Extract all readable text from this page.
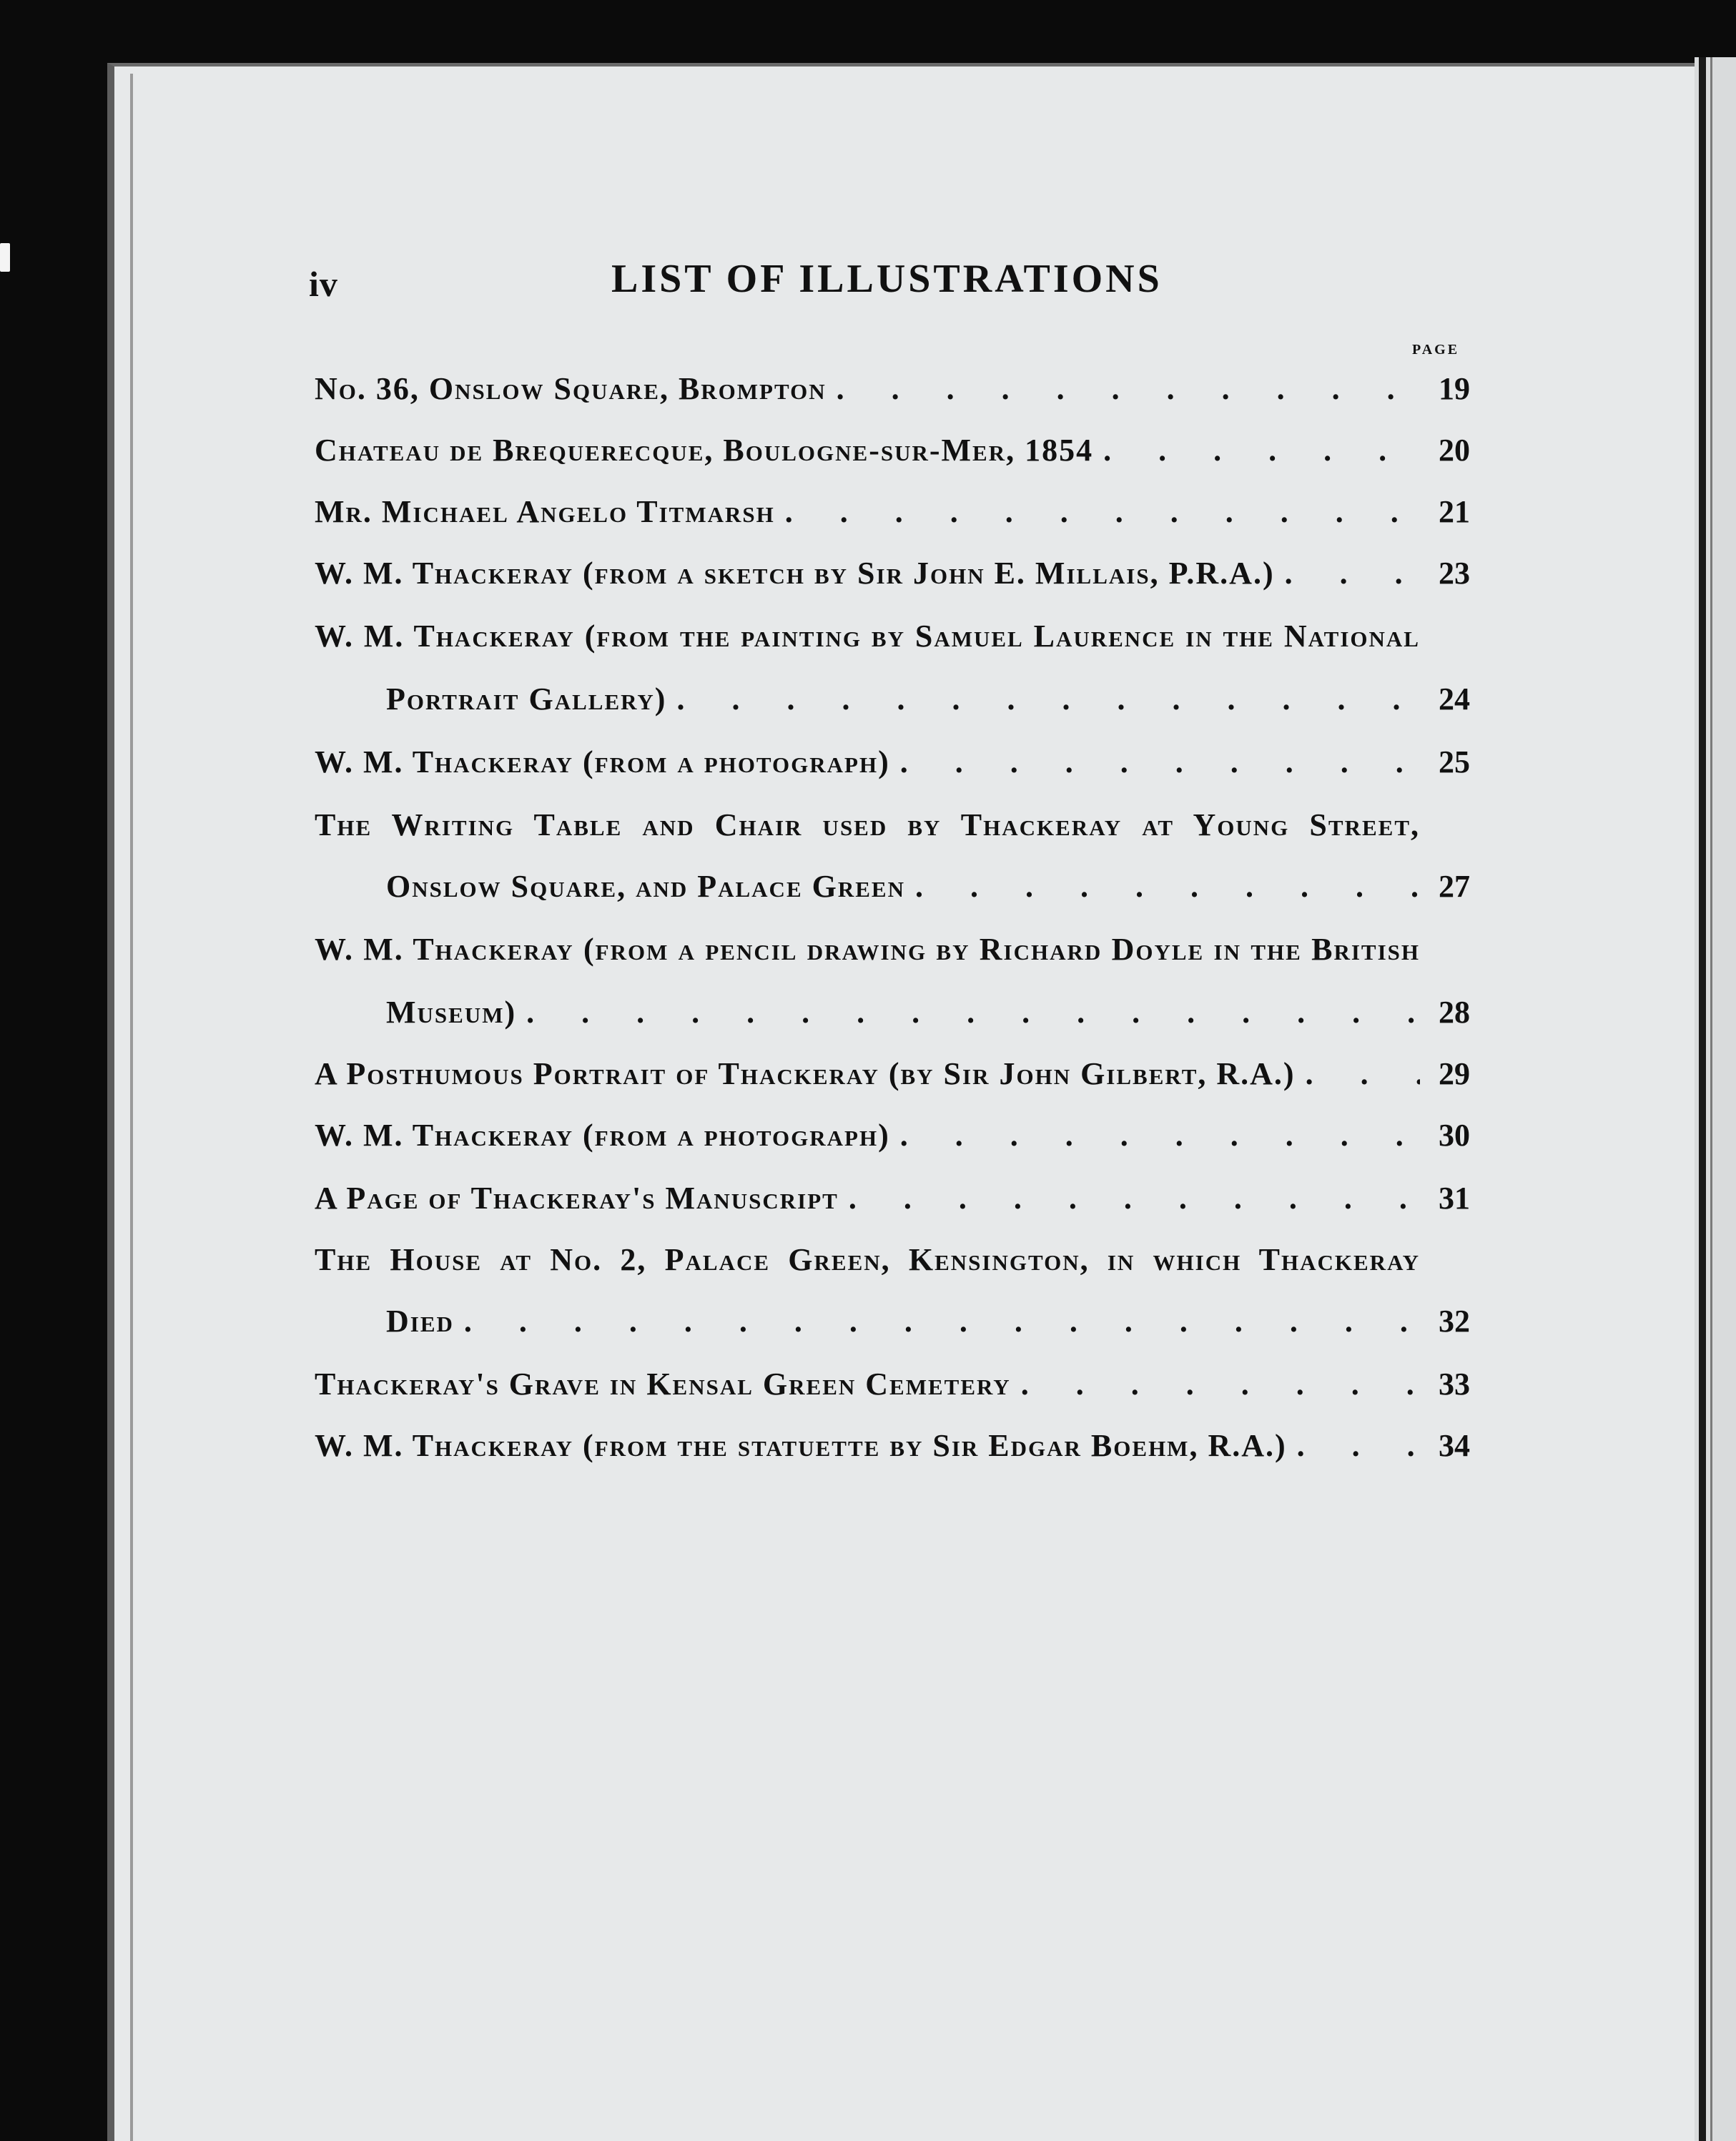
iv	LIST OF ILLUSTRATIONS
PAGE
No. 36, Onslow Square, Brompton .	19
Chateau de Brequerecque, Boulogne-sur-Mer, 1854 .	20
Mr. Michael Angelo Titmarsh .	21
W. M. Thackeray (from a sketch by Sir John E. Millais, P.R.A.) .	23
W. M. Thackeray (from the painting by Samuel Laurence in the National
Portrait Gallery) .	24
W. M. Thackeray (from a photograph) .	25
The Writing Table and Chair used by Thackeray at Young Street,
Onslow Square, and Palace Green .	27
W. M. Thackeray (from a pencil drawing by Richard Doyle in the British
Museum) .	28
A Posthumous Portrait of Thackeray (by Sir John Gilbert, R.A.) .	29
W. M. Thackeray (from a photograph) .	30
A Page of Thackeray's Manuscript .	31
The House at No. 2, Palace Green, Kensington, in which Thackeray
Died .	32
Thackeray's Grave in Kensal Green Cemetery .	33
W. M. Thackeray (from the statuette by Sir Edgar Boehm, R.A.) .	34
